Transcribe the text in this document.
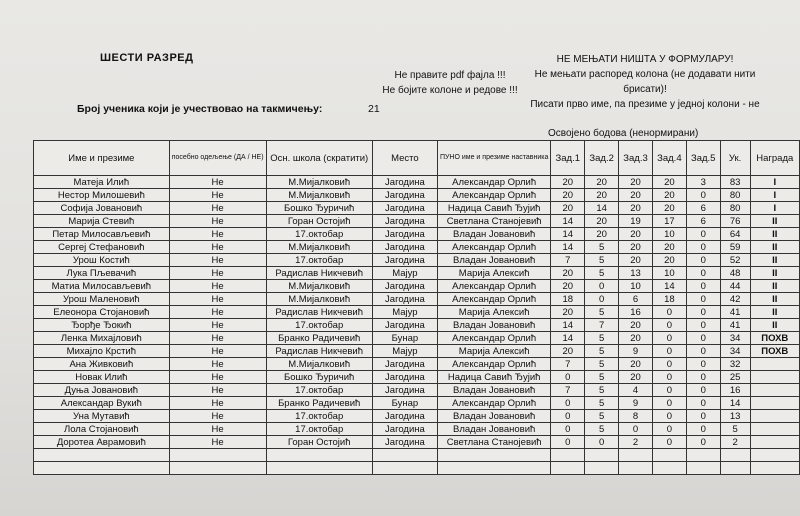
ШЕСТИ РАЗРЕД
Не правите pdf фајла !!!
Не бојите колоне и редове !!!
НЕ МЕЊАТИ НИШТА У ФОРМУЛАРУ!
Не мењати распоред колона (не додавати нити
брисати)!
Писати прво име, па презиме у једној колони - не
Број ученика који је учествовао на такмичењу:	21
Освојено бодова (ненормирани)
Име и презиме	посебно одељење (ДА / НЕ)	Осн. школа (скратити)	Место	ПУНО име и презиме наставника	Зад.1	Зад.2	Зад.3	Зад.4	Зад.5	Ук.	Награда
Матеја Илић	Не	М.Мијалковић	Јагодина	Александар Орлић	20	20	20	20	3	83	I
Нестор Милошевић	Не	М.Мијалковић	Јагодина	Александар Орлић	20	20	20	20	0	80	I
Софија Јовановић	Не	Бошко Ђуричић	Јагодина	Надица Савић Ђујић	20	14	20	20	6	80	I
Марија Стевић	Не	Горан Остојић	Јагодина	Светлана Станојевић	14	20	19	17	6	76	II
Петар Милосављевић	Не	17.октобар	Јагодина	Владан Јовановић	14	20	20	10	0	64	II
Сергеј Стефановић	Не	М.Мијалковић	Јагодина	Александар Орлић	14	5	20	20	0	59	II
Урош Костић	Не	17.октобар	Јагодина	Владан Јовановић	7	5	20	20	0	52	II
Лука Пљевачић	Не	Радислав Никчевић	Мајур	Марија Алексић	20	5	13	10	0	48	II
Матиа Милосављевић	Не	М.Мијалковић	Јагодина	Александар Орлић	20	0	10	14	0	44	II
Урош Маленовић	Не	М.Мијалковић	Јагодина	Александар Орлић	18	0	6	18	0	42	II
Елеонора Стојановић	Не	Радислав Никчевић	Мајур	Марија Алексић	20	5	16	0	0	41	II
Ђорђе Ђокић	Не	17.октобар	Јагодина	Владан Јовановић	14	7	20	0	0	41	II
Ленка Михајловић	Не	Бранко Радичевић	Бунар	Александар Орлић	14	5	20	0	0	34	ПОХВ
Михајло Крстић	Не	Радислав Никчевић	Мајур	Марија Алексић	20	5	9	0	0	34	ПОХВ
Ана Живковић	Не	М.Мијалковић	Јагодина	Александар Орлић	7	5	20	0	0	32	
Новак Илић	Не	Бошко Ђуричић	Јагодина	Надица Савић Ђујић	0	5	20	0	0	25	
Дуњa Јовановић	Не	17.октобар	Јагодина	Владан Јовановић	7	5	4	0	0	16	
Александар Вукић	Не	Бранко Радичевић	Бунар	Александар Орлић	0	5	9	0	0	14	
Уна Мутавић	Не	17.октобар	Јагодина	Владан Јовановић	0	5	8	0	0	13	
Лола Стојановић	Не	17.октобар	Јагодина	Владан Јовановић	0	5	0	0	0	5	
Доротеа Аврамовић	Не	Горан Остојић	Јагодина	Светлана Станојевић	0	0	2	0	0	2	
